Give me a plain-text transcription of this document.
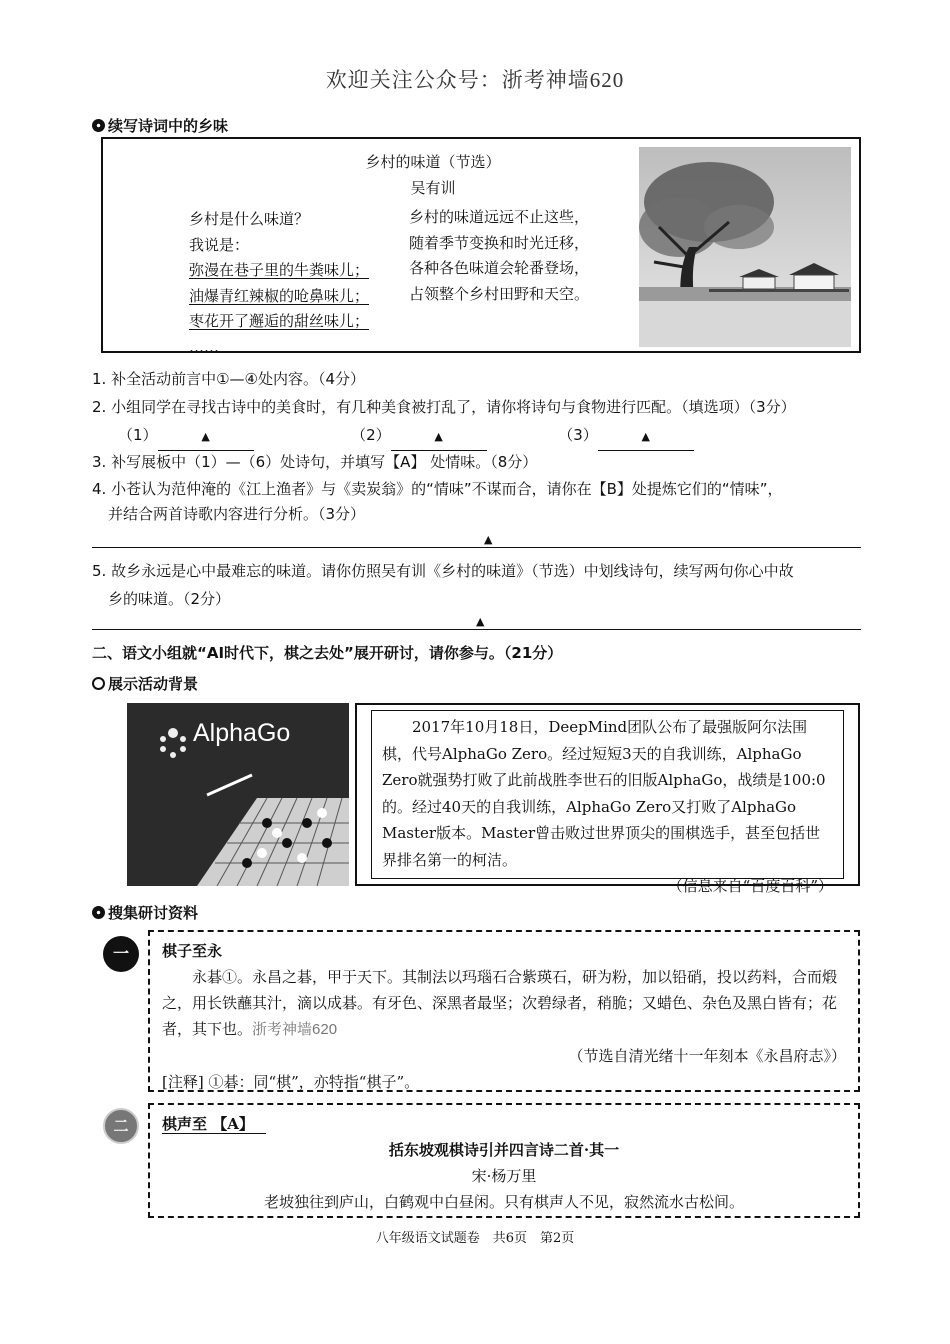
欢迎关注公众号：浙考神墙620
续写诗词中的乡味
乡村的味道（节选）
吴有训
乡村是什么味道？
我说是：
弥漫在巷子里的牛粪味儿；
油爆青红辣椒的呛鼻味儿；
枣花开了邂逅的甜丝味儿；
……
乡村的味道远远不止这些，
随着季节变换和时光迁移，
各种各色味道会轮番登场，
占领整个乡村田野和天空。
1. 补全活动前言中①—④处内容。（4分）
2. 小组同学在寻找古诗中的美食时，有几种美食被打乱了，请你将诗句与食物进行匹配。（填选项）（3分）
（1）	▲	（2）	▲	（3）	▲
3. 补写展板中（1）—（6）处诗句，并填写【A】 处情味。（8分）
4. 小苍认为范仲淹的《江上渔者》与《卖炭翁》的“情味”不谋而合，请你在【B】处提炼它们的“情味”，
并结合两首诗歌内容进行分析。（3分）
▲
5. 故乡永远是心中最难忘的味道。请你仿照吴有训《乡村的味道》（节选）中划线诗句，续写两句你心中故
乡的味道。（2分）
▲
二、语文小组就“AI时代下，棋之去处”展开研讨，请你参与。（21分）
展示活动背景
AlphaGo	2017年10月18日，DeepMind团队公布了最强版阿尔法围棋，代号AlphaGo Zero。经过短短3天的自我训练，AlphaGo Zero就强势打败了此前战胜李世石的旧版AlphaGo，战绩是100:0的。经过40天的自我训练，AlphaGo Zero又打败了AlphaGo Master版本。Master曾击败过世界顶尖的围棋选手，甚至包括世界排名第一的柯洁。
（信息来自“百度百科”）
搜集研讨资料
一	棋子至永
永碁①。永昌之碁，甲于天下。其制法以玛瑙石合紫瑛石，研为粉，加以铅硝，投以药料，合而煅之，用长铁蘸其汁，滴以成碁。有牙色、深黑者最坚；次碧绿者，稍脆；又蜡色、杂色及黑白皆有；花者，其下也。浙考神墙620
（节选自清光绪十一年刻本《永昌府志》）
[注释] ①碁：同“棋”，亦特指“棋子”。
二	棋声至 【A】
括东坡观棋诗引并四言诗二首·其一
宋·杨万里
老坡独往到庐山，白鹤观中白昼闲。只有棋声人不见，寂然流水古松间。
八年级语文试题卷　共6页　第2页
